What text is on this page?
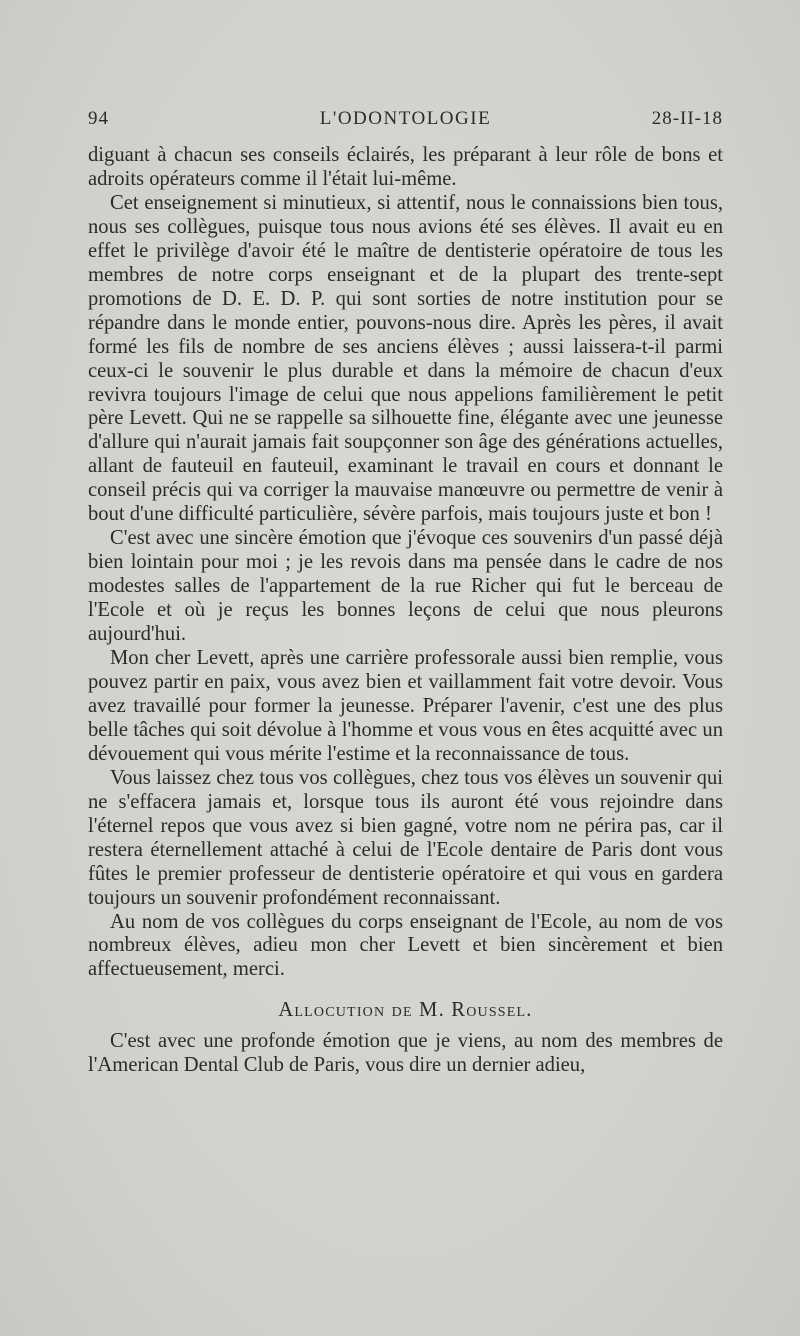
94	L'ODONTOLOGIE	28-II-18

diguant à chacun ses conseils éclairés, les préparant à leur rôle de bons et adroits opérateurs comme il l'était lui-même.

Cet enseignement si minutieux, si attentif, nous le connaissions bien tous, nous ses collègues, puisque tous nous avions été ses élèves. Il avait eu en effet le privilège d'avoir été le maître de dentisterie opératoire de tous les membres de notre corps enseignant et de la plupart des trente-sept promotions de D. E. D. P. qui sont sorties de notre institution pour se répandre dans le monde entier, pouvons-nous dire. Après les pères, il avait formé les fils de nombre de ses anciens élèves ; aussi laissera-t-il parmi ceux-ci le souvenir le plus durable et dans la mémoire de chacun d'eux revivra toujours l'image de celui que nous appelions familièrement le petit père Levett. Qui ne se rappelle sa silhouette fine, élégante avec une jeunesse d'allure qui n'aurait jamais fait soupçonner son âge des générations actuelles, allant de fauteuil en fauteuil, examinant le travail en cours et donnant le conseil précis qui va corriger la mauvaise manœuvre ou permettre de venir à bout d'une difficulté particulière, sévère parfois, mais toujours juste et bon !

C'est avec une sincère émotion que j'évoque ces souvenirs d'un passé déjà bien lointain pour moi ; je les revois dans ma pensée dans le cadre de nos modestes salles de l'appartement de la rue Richer qui fut le berceau de l'Ecole et où je reçus les bonnes leçons de celui que nous pleurons aujourd'hui.

Mon cher Levett, après une carrière professorale aussi bien remplie, vous pouvez partir en paix, vous avez bien et vaillamment fait votre devoir. Vous avez travaillé pour former la jeunesse. Préparer l'avenir, c'est une des plus belle tâches qui soit dévolue à l'homme et vous vous en êtes acquitté avec un dévouement qui vous mérite l'estime et la reconnaissance de tous.

Vous laissez chez tous vos collègues, chez tous vos élèves un souvenir qui ne s'effacera jamais et, lorsque tous ils auront été vous rejoindre dans l'éternel repos que vous avez si bien gagné, votre nom ne périra pas, car il restera éternellement attaché à celui de l'Ecole dentaire de Paris dont vous fûtes le premier professeur de dentisterie opératoire et qui vous en gardera toujours un souvenir profondément reconnaissant.

Au nom de vos collègues du corps enseignant de l'Ecole, au nom de vos nombreux élèves, adieu mon cher Levett et bien sincèrement et bien affectueusement, merci.

Allocution de M. Roussel.

C'est avec une profonde émotion que je viens, au nom des membres de l'American Dental Club de Paris, vous dire un dernier adieu,
